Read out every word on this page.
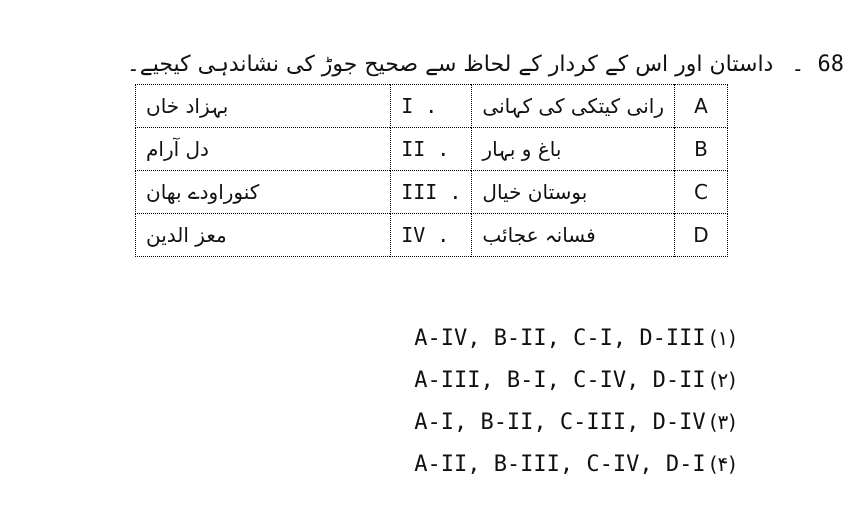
68 ۔
داستان اور اس کے کردار کے لحاظ سے صحیح جوڑ کی نشاندہی کیجیے۔
A	رانی کیتکی کی کہانی	I .	بہزاد خاں
B	باغ و بہار	II .	دل آرام
C	بوستان خیال	III .	کنوراودے بھان
D	فسانہ عجائب	IV .	معز الدین
(۱)
A-IV, B-II, C-I, D-III
(۲)
A-III, B-I, C-IV, D-II
(۳)
A-I, B-II, C-III, D-IV
(۴)
A-II, B-III, C-IV, D-I
